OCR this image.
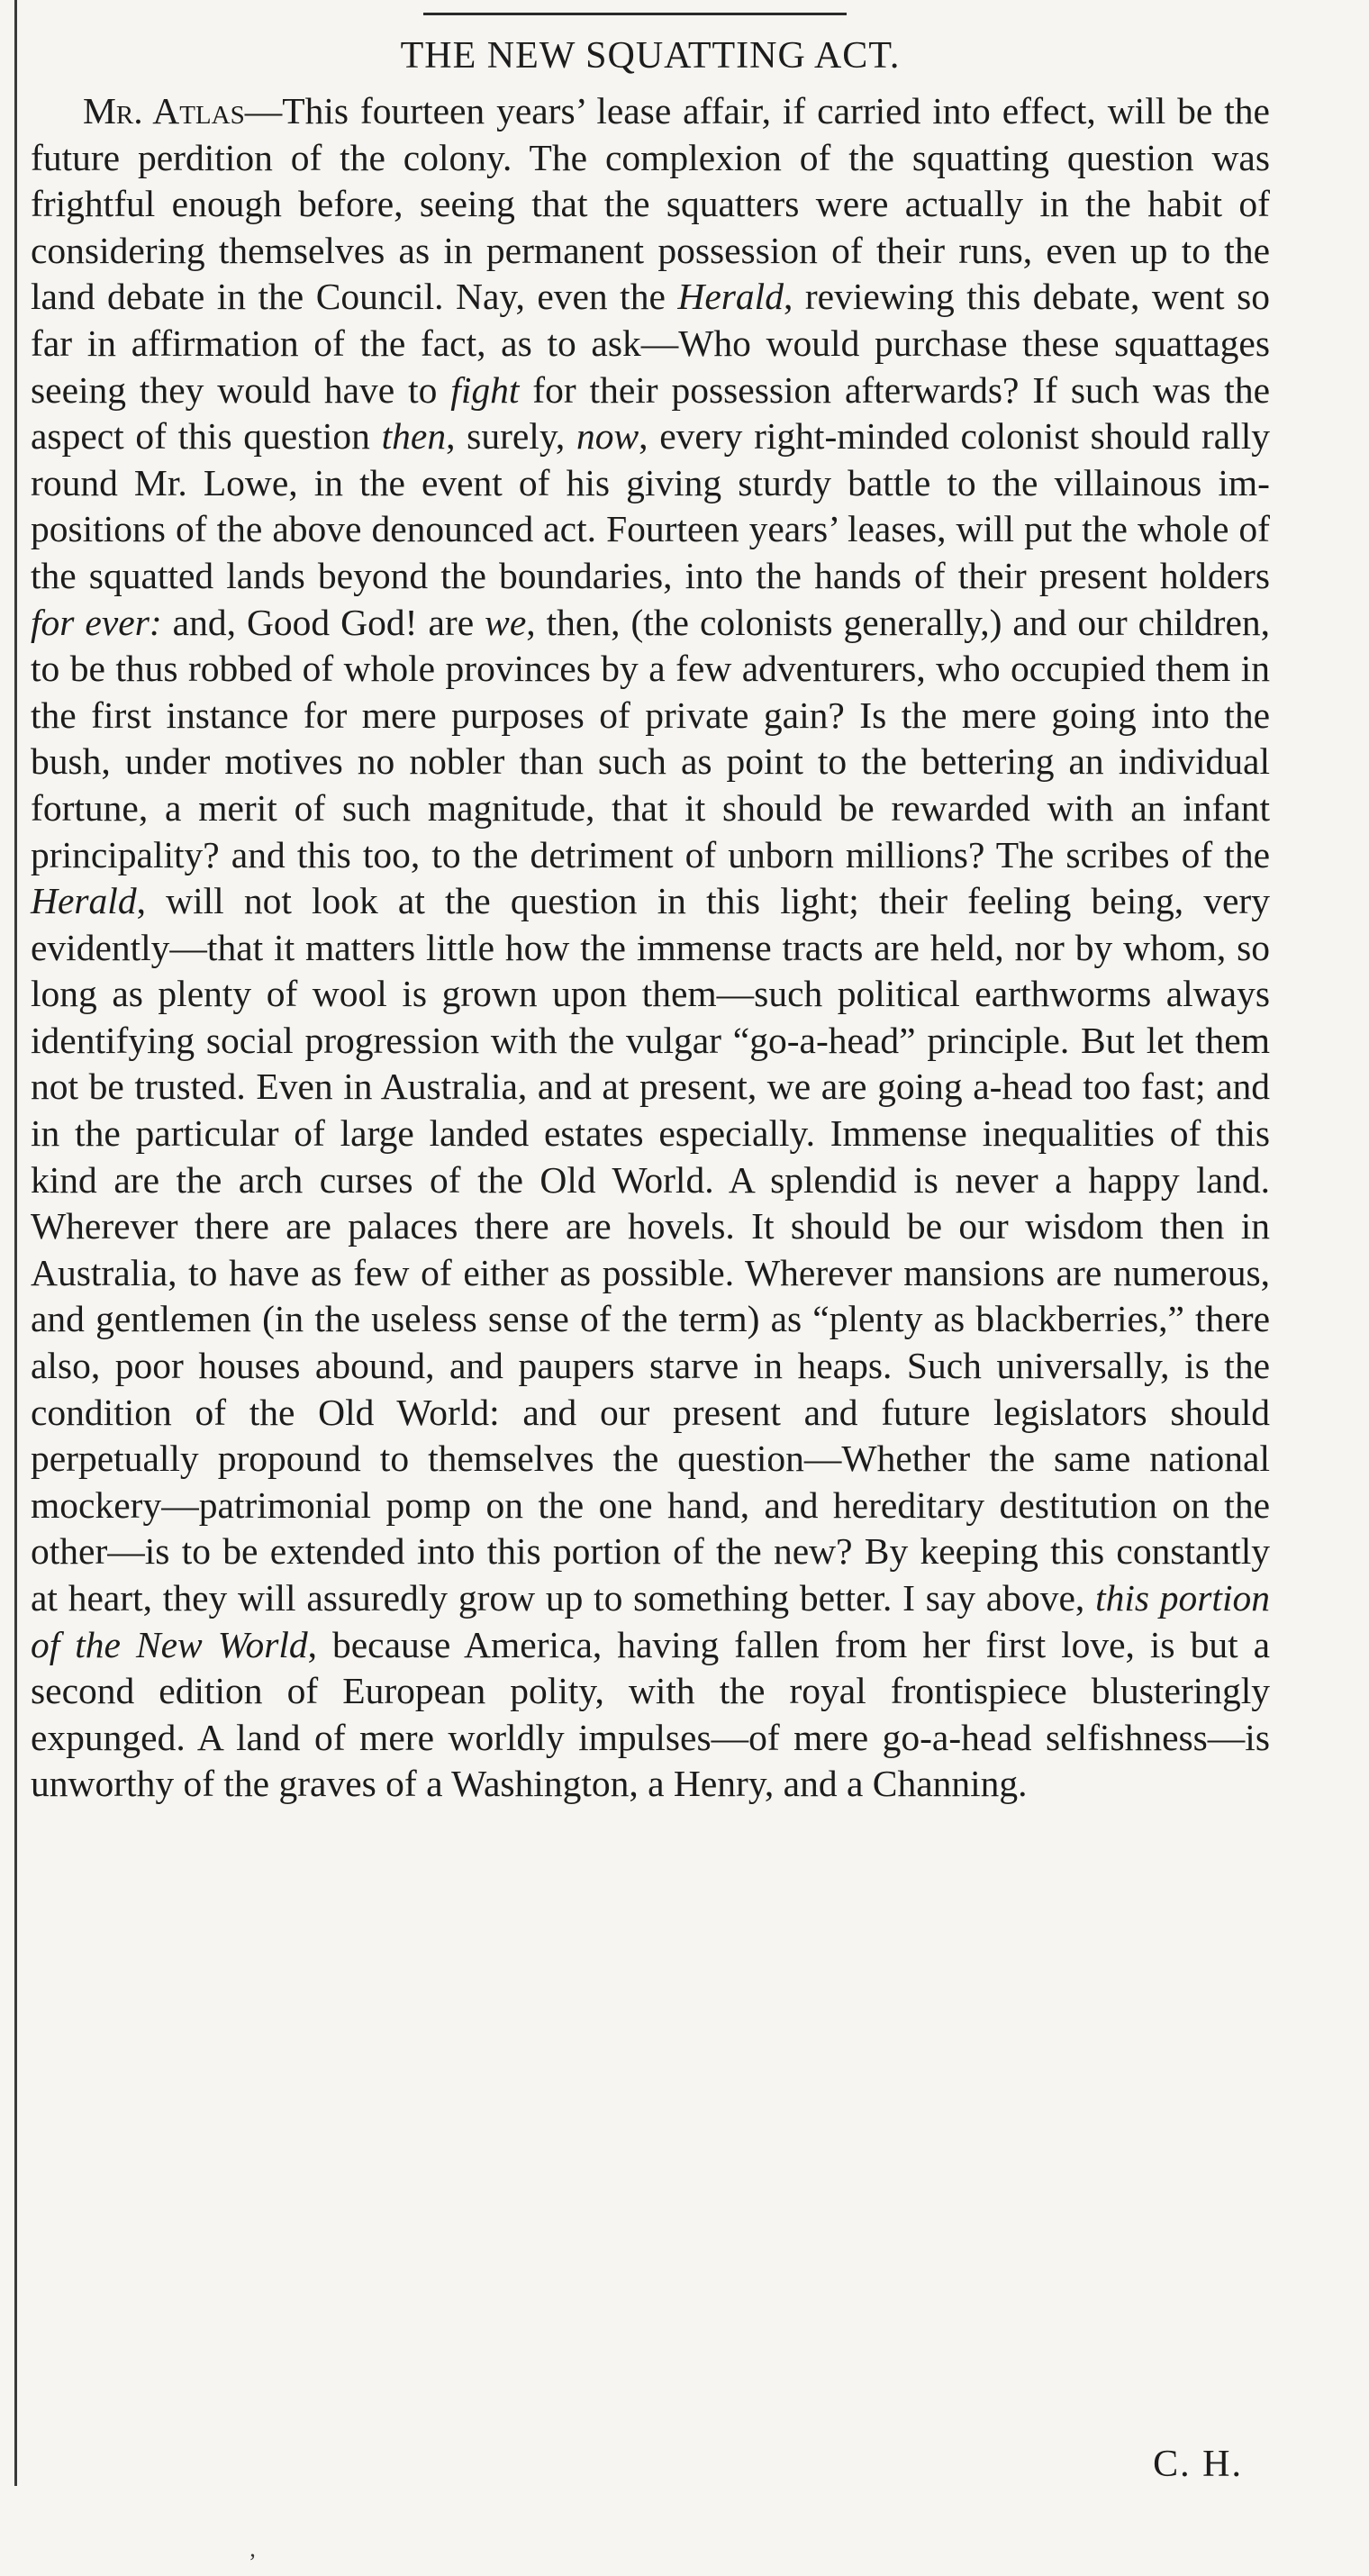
THE NEW SQUATTING ACT.

Mr. Atlas—This fourteen years’ lease affair, if carried into effect, will be the future perdition of the colony. The complexion of the squatting question was frightful enough before, seeing that the squatters were actually in the habit of considering themselves as in permanent possession of their runs, even up to the land debate in the Council. Nay, even the Herald, reviewing this debate, went so far in affirmation of the fact, as to ask—Who would purchase these squattages seeing they would have to fight for their possession afterwards? If such was the aspect of this question then, surely, now, every right-minded colonist should rally round Mr. Lowe, in the event of his giving sturdy battle to the villainous impositions of the above denounced act. Fourteen years’ leases, will put the whole of the squatted lands beyond the boundaries, into the hands of their present holders for ever: and, Good God! are we, then, (the colonists generally,) and our children, to be thus robbed of whole provinces by a few adventurers, who occupied them in the first instance for mere purposes of private gain? Is the mere going into the bush, under motives no nobler than such as point to the bettering an individual fortune, a merit of such magnitude, that it should be rewarded with an infant principality? and this too, to the detriment of unborn millions? The scribes of the Herald, will not look at the question in this light; their feeling being, very evidently—that it matters little how the immense tracts are held, nor by whom, so long as plenty of wool is grown upon them—such political earthworms always identifying social progression with the vulgar “go-a-head” principle. But let them not be trusted. Even in Australia, and at present, we are going a-head too fast; and in the particular of large landed estates especially. Immense inequalities of this kind are the arch curses of the Old World. A splendid is never a happy land. Wherever there are palaces there are hovels. It should be our wisdom then in Australia, to have as few of either as possible. Wherever mansions are numerous, and gentlemen (in the useless sense of the term) as “plenty as blackberries,” there also, poor houses abound, and paupers starve in heaps. Such universally, is the condition of the Old World: and our present and future legislators should perpetually propound to themselves the question—Whether the same national mockery—patrimonial pomp on the one hand, and hereditary destitution on the other—is to be extended into this portion of the new? By keeping this constantly at heart, they will assuredly grow up to something better. I say above, this portion of the New World, because America, having fallen from her first love, is but a second edition of European polity, with the royal frontispiece blusteringly expunged. A land of mere worldly impulses—of mere go-a-head selfishness—is unworthy of the graves of a Washington, a Henry, and a Channing.

C. H.
’
